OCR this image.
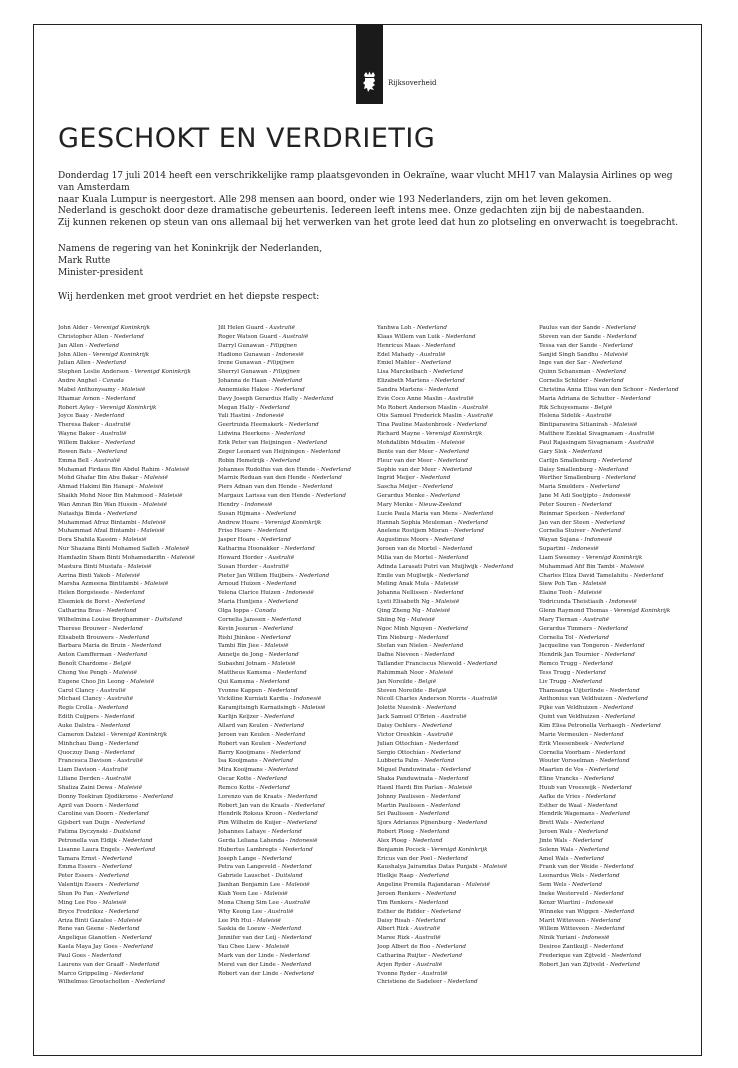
Rijksoverheid
GESCHOKT EN VERDRIETIG
Donderdag 17 juli 2014 heeft een verschrikkelijke ramp plaatsgevonden in Oekraïne, waar vlucht MH17 van Malaysia Airlines op weg van Amsterdam
naar Kuala Lumpur is neergestort. Alle 298 mensen aan boord, onder wie 193 Nederlanders, zijn om het leven gekomen.
Nederland is geschokt door deze dramatische gebeurtenis. Iedereen leeft intens mee. Onze gedachten zijn bij de nabestaanden.
Zij kunnen rekenen op steun van ons allemaal bij het verwerken van het grote leed dat hun zo plotseling en onverwacht is toegebracht.
Namens de regering van het Koninkrijk der Nederlanden,
Mark Rutte
Minister-president
Wij herdenken met groot verdriet en het diepste respect:
John Alder - Verenigd Koninkrijk
Christopher Allen - Nederland
Jan Allen - Nederland
John Allen - Verenigd Koninkrijk
Julian Allen - Nederland
Stephen Leslie Anderson - Verenigd Koninkrijk
Andre Anghel - Canada
Mabel Anthonysamy - Maleisië
Ithamar Avnon - Nederland
Robert Ayley - Verenigd Koninkrijk
Joyce Baay - Nederland
Theresa Baker - Australië
Wayne Baker - Australië
Willem Bakker - Nederland
Rowen Bats - Nederland
Emma Bell - Australië
Muhamad Firdaus Bin Abdul Rahim - Maleisië
Mohd Ghafar Bin Abu Bakar - Maleisië
Ahmad Hakimi Bin Hanapi - Maleisië
Shaikh Mohd Noor Bin Mahmood - Maleisië
Wan Amran Bin Wan Hussin - Maleisië
Natashja Binda - Nederland
Muhammad Afruz Bintambi - Maleisië
Muhammad Afzal Bintambi - Maleisië
Dora Shahila Kassim - Maleisië
Nur Shazana Binti Mohamed Salleh - Maleisië
Hamfazlin Sham Binti Mohamedarifin - Maleisië
Mastura Binti Mustafa - Maleisië
Azrina Binti Yakob - Maleisië
Marsha Azmeena Bintitambi - Maleisië
Helen Borgsteede - Nederland
Elsemiek de Borst - Nederland
Catharina Bras - Nederland
Wilhelmina Louise Broghammer - Duitsland
Therese Brouwer - Nederland
Elisabeth Brouwers - Nederland
Barbara Maria de Bruin - Nederland
Anton Camfferman - Nederland
Benoît Chardome - België
Chong Yee Pengh - Maleisië
Eugene Choo Jin Leong - Maleisië
Carol Clancy - Australië
Michael Clancy - Australië
Regis Crolla - Nederland
Edith Cuijpers - Nederland
Auke Dalstra - Nederland
Cameron Dalziel - Verenigd Koninkrijk
Minhchau Dang - Nederland
Quoczuy Dang - Nederland
Francesca Davison - Australië
Liam Davison - Australië
Liliane Derden - Australië
Shaliza Zaini Dewa - Maleisië
Donny Toekiran Djodikromo - Nederland
April van Doorn - Nederland
Caroline van Doorn - Nederland
Gijsbert van Duijn - Nederland
Fatima Dyczynski - Duitsland
Petronella van Eldijk - Nederland
Lisanne Laura Engels - Nederland
Tamara Ernst - Nederland
Emma Essers - Nederland
Peter Essers - Nederland
Valentijn Essers - Nederland
Shun Po Fan - Nederland
Ming Lee Foo - Maleisië
Bryce Fredriksz - Nederland
Ariza Binti Gazalee - Maleisië
Rene van Geene - Nederland
Angelique Gianotten - Nederland
Kaela Maya Jay Goes - Nederland
Paul Goes - Nederland
Laurens van der Graaff - Nederland
Marco Grippeling - Nederland
Wilhelmus Grootscholten - Nederland
Jill Helen Guard - Australië
Roger Watson Guard - Australië
Darryl Gunawan - Filipijnen
Hadiono Gunawan - Indonesië
Irene Gunawan - Filipijnen
Sherryl Gunawan - Filipijnen
Johanna de Haan - Nederland
Annemieke Hakse - Nederland
Davy Joseph Gerardus Hally - Nederland
Megan Hally - Nederland
Yuli Hastini - Indonesië
Geertruida Heemskerk - Nederland
Lidwina Heerkens - Nederland
Erik Peter van Heijningen - Nederland
Zeger Leonard van Heijningen - Nederland
Robin Hemelrijk - Nederland
Johannes Rudolfus van den Hende - Nederland
Marnix Reduan van den Hende - Nederland
Piers Adnan van den Hende - Nederland
Margaux Larissa van den Hende - Nederland
Hendry - Indonesië
Susan Hijmans - Nederland
Andrew Hoare - Verenigd Koninkrijk
Friso Hoare - Nederland
Jasper Hoare - Nederland
Katharina Hoonakker - Nederland
Howard Horder - Australië
Susan Horder - Australië
Pieter Jan Willem Huijbers - Nederland
Arnoud Huizen - Nederland
Yelena Clarice Huizen - Indonesië
Maria Huntjens - Nederland
Olga Ioppa - Canada
Cornelia Janssen - Nederland
Kevin Jesurun - Nederland
Rishi Jhinkoe - Nederland
Tambi Bin Jiee - Maleisië
Annetje de Jong - Nederland
Subashni Jotnam - Maleisië
Mattheus Kamsma - Nederland
Qui Kamsma - Nederland
Yvonne Kappen - Nederland
Vickiline Kurniati Kardia - Indonesië
Karamjitsingh Karnailsingh - Maleisië
Karlijn Keijzer - Nederland
Allard van Keulen - Nederland
Jeroen van Keulen - Nederland
Robert van Keulen - Nederland
Barry Kooijmans - Nederland
Isa Kooijmans - Nederland
Mira Kooijmans - Nederland
Oscar Kotte - Nederland
Remco Kotte - Nederland
Lorenzo van de Kraats - Nederland
Robert Jan van de Kraats - Nederland
Hendrik Roksus Kroon - Nederland
Pim Wilhelm de Kuijer - Nederland
Johannes Lahaye - Nederland
Gerda Leliana Lahenda - Indonesië
Hubertus Lambregts - Nederland
Joseph Lange - Nederland
Petra van Langeveld - Nederland
Gabriele Lauschet - Duitsland
Jianhan Benjamin Lee - Maleisië
Kiah Yeen Lee - Maleisië
Mona Cheng Sim Lee - Australië
Why Keong Lee - Australië
Lee Pih Hui - Maleisië
Saskia de Loeuw - Nederland
Jennifer van der Leij - Nederland
Yau Chee Liew - Maleisië
Mark van der Linde - Nederland
Merel van der Linde - Nederland
Robert van der Linde - Nederland
Yanhwa Loh - Nederland
Klaas Willem van Luik - Nederland
Henricus Maas - Nederland
Edel Mahady - Australië
Emiel Mahler - Nederland
Lisa Marckelbach - Nederland
Elizabeth Martens - Nederland
Sandra Martens - Nederland
Evie Coco Anne Maslin - Australië
Mo Robert Anderson Maslin - Australië
Otis Samuel Frederick Maslin - Australië
Tina Pauline Mastenbroek - Nederland
Richard Mayne - Verenigd Koninkrijk
Mohdalibin Mdsalim - Maleisië
Bente van der Meer - Nederland
Fleur van der Meer - Nederland
Sophie van der Meer - Nederland
Ingrid Meijer - Nederland
Sascha Meijer - Nederland
Gerardus Menke - Nederland
Mary Menke - Nieuw-Zeeland
Lucie Paula Maria van Mens - Nederland
Hannah Sophia Meuleman - Nederland
Anelene Rostijem Misran - Nederland
Augustinus Moors - Nederland
Jeroen van de Mortel - Nederland
Milia van de Mortel - Nederland
Adinda Larasati Putri van Muijlwijk - Nederland
Emile van Muijlwijk - Nederland
Meling Anak Mula - Maleisië
Johanna Nellissen - Nederland
Lyeti Elisabeth Ng - Maleisië
Qing Zheng Ng - Maleisië
Shiing Ng - Maleisië
Ngoc Minh Nguyen - Nederland
Tim Nieburg - Nederland
Stefan van Nielen - Nederland
Dafne Nieveen - Nederland
Tallander Franciscus Niewold - Nederland
Rahimmah Noor - Maleisië
Jan Noreilde - België
Steven Noreilde - België
Nicoll Charles Anderson Norris - Australië
Jolette Nuesink - Nederland
Jack Samuel O'Brien - Australië
Daisy Oehlers - Nederland
Victor Oreshkin - Australië
Julian Ottochian - Nederland
Sergio Ottochian - Nederland
Lubberta Palm - Nederland
Miguel Panduwinata - Nederland
Shaka Panduwinata - Nederland
Hasnl Hardi Bin Parlan - Maleisië
Johnny Paulissen - Nederland
Martin Paulissen - Nederland
Sri Paulissen - Nederland
Sjors Adrianus Pijnenburg - Nederland
Robert Ploeg - Nederland
Alex Ploeg - Nederland
Benjamin Pocock - Verenigd Koninkrijk
Ericus van der Poel - Nederland
Kaushalya Jairamdas Datas Punjabi - Maleisië
Hielkje Raap - Nederland
Angeline Premila Rajandaran - Maleisië
Jeroen Renkers - Nederland
Tim Renkers - Nederland
Esther de Ridder - Nederland
Daisy Risah - Nederland
Albert Rizk - Australië
Maree Rizk - Australië
Joop Albert de Roo - Nederland
Catharina Ruijter - Nederland
Arjen Ryder - Australië
Yvonne Ryder - Australië
Christiene de Sadeleer - Nederland
Paulus van der Sande - Nederland
Steven van der Sande - Nederland
Tessa van der Sande - Nederland
Sanjid Singh Sandhu - Maleisië
Inge van der Sar - Nederland
Quinn Schansman - Nederland
Cornelis Schilder - Nederland
Christina Anna Elisa van den Schoor - Nederland
Maria Adriana de Schutter - Nederland
Rik Schuyesmans - België
Helena Sidelik - Australië
Bintiparawira Sitianirah - Maleisië
Matthew Ezekial Sivagnanam - Australië
Paul Rajasingam Sivagnanam - Australië
Gary Slok - Nederland
Carlijn Smallenburg - Nederland
Daisy Smallenburg - Nederland
Werther Smallenburg - Nederland
Maria Smolders - Nederland
Jane M Adi Soetjipto - Indonesië
Peter Souren - Nederland
Reinmar Specken - Nederland
Jan van der Steen - Nederland
Cornelia Stuiver - Nederland
Wayan Sujana - Indonesië
Supartini - Indonesië
Liam Sweeney - Verenigd Koninkrijk
Muhammad Afif Bin Tambi - Maleisië
Charles Eliza David Tamelahitu - Nederland
Siew Poh Tan - Maleisië
Elaine Teoh - Maleisië
Yodricunda Theistiasih - Indonesië
Glenn Raymond Thomas - Verenigd Koninkrijk
Mary Tiernan - Australië
Gerardus Timmers - Nederland
Cornelia Tol - Nederland
Jacqueline van Tongeren - Nederland
Hendrik Jan Tournier - Nederland
Remco Trugg - Nederland
Tess Trugg - Nederland
Liv Trugg - Nederland
Thamsanqa Uijterlinde - Nederland
Anthonius van Veldhuizen - Nederland
Pijke van Veldhuizen - Nederland
Quint van Veldhuizen - Nederland
Kim Elisa Petronella Verhaegh - Nederland
Marie Vermeulen - Nederland
Erik Vleesenbeek - Nederland
Cornelia Voorham - Nederland
Wouter Vorsselman - Nederland
Maarten de Vos - Nederland
Eline Vrancks - Nederland
Huub van Vreeswijk - Nederland
Aafke de Vries - Nederland
Esther de Waal - Nederland
Hendrik Wagemans - Nederland
Brett Wals - Nederland
Jeroen Wals - Nederland
Jinte Wals - Nederland
Solenn Wals - Nederland
Amel Wals - Nederland
Frank van der Weide - Nederland
Leonardus Wels - Nederland
Sem Wels - Nederland
Ineke Westerveld - Nederland
Kenzr Wiartini - Indonesië
Winneke van Wiggen - Nederland
Marit Witteveen - Nederland
Willem Witteveen - Nederland
Ninik Yuriani - Indonesië
Desiree Zantkuijl - Nederland
Frederique van Zijtveld - Nederland
Robert Jan van Zijtveld - Nederland
